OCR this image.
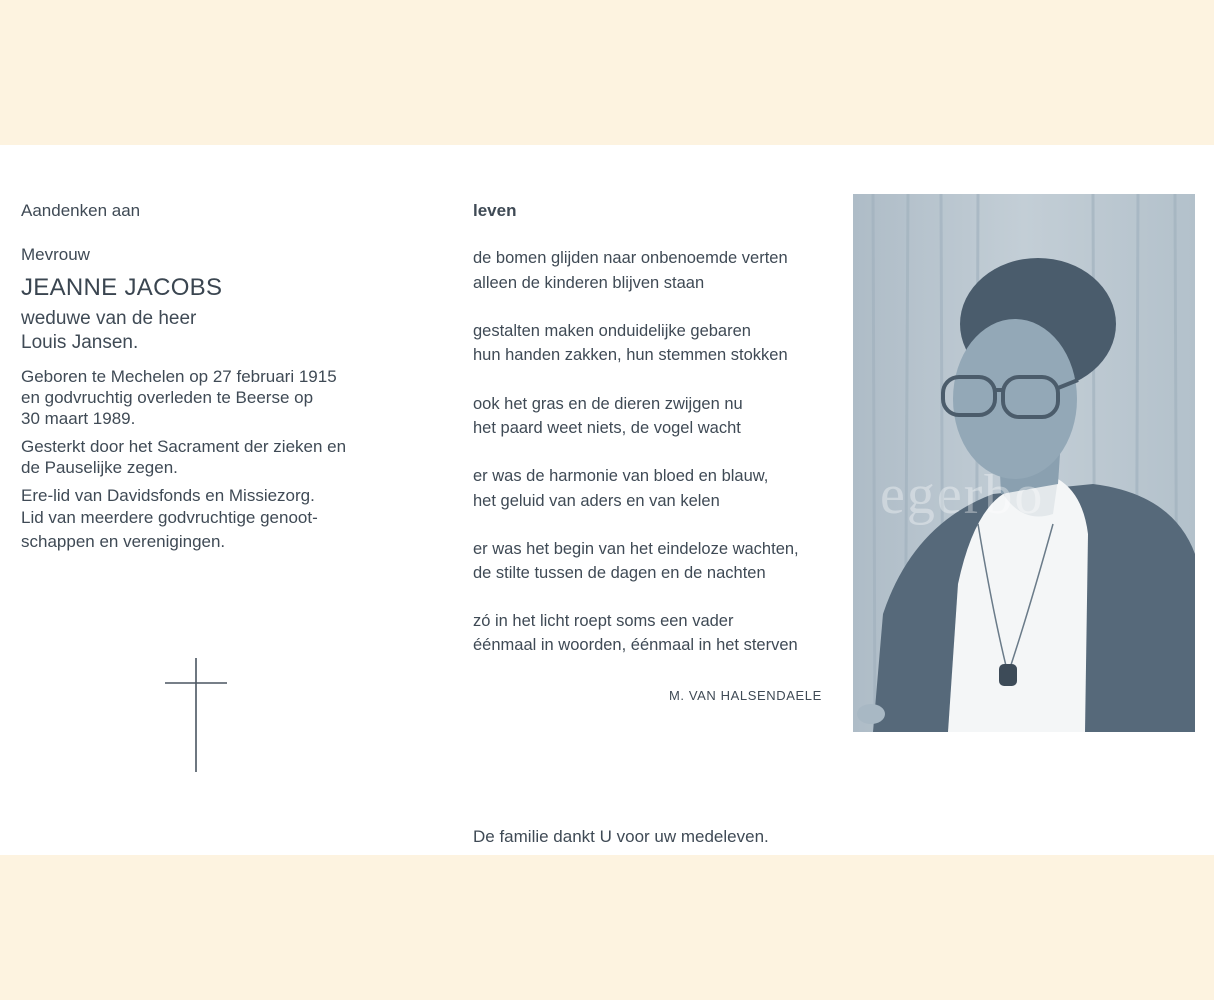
Aandenken aan
Mevrouw
JEANNE JACOBS
weduwe van de heer
Louis Jansen.
Geboren te Mechelen op 27 februari 1915
en godvruchtig overleden te Beerse op
30 maart 1989.
Gesterkt door het Sacrament der zieken en
de Pauselijke zegen.
Ere-lid van Davidsfonds en Missiezorg.
Lid van meerdere godvruchtige genoot-
schappen en verenigingen.
leven
de bomen glijden naar onbenoemde verten
alleen de kinderen blijven staan
gestalten maken onduidelijke gebaren
hun handen zakken, hun stemmen stokken
ook het gras en de dieren zwijgen nu
het paard weet niets, de vogel wacht
er was de harmonie van bloed en blauw,
het geluid van aders en van kelen
er was het begin van het eindeloze wachten,
de stilte tussen de dagen en de nachten
zó in het licht roept soms een vader
éénmaal in woorden, éénmaal in het sterven
M. VAN HALSENDAELE
De familie dankt U voor uw medeleven.
egerbo
